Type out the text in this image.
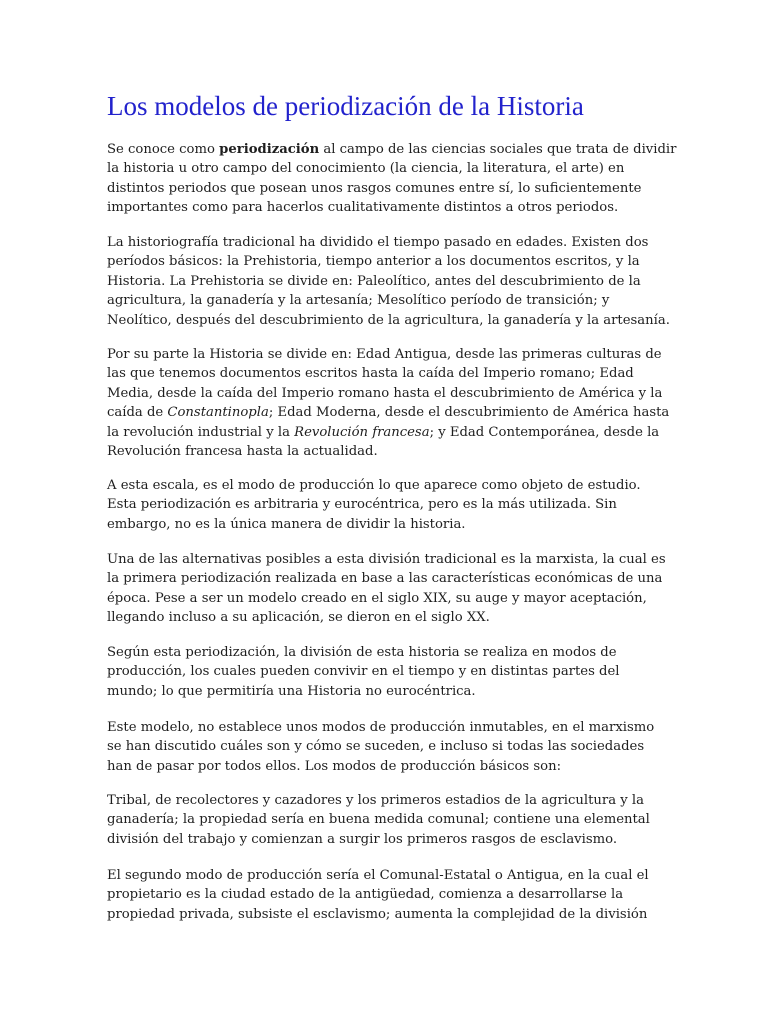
Los modelos de periodización de la Historia
Se conoce como periodización al campo de las ciencias sociales que trata de dividir
la historia u otro campo del conocimiento (la ciencia, la literatura, el arte) en
distintos periodos que posean unos rasgos comunes entre sí, lo suficientemente
importantes como para hacerlos cualitativamente distintos a otros periodos.
La historiografía tradicional ha dividido el tiempo pasado en edades. Existen dos
períodos básicos: la Prehistoria, tiempo anterior a los documentos escritos, y la
Historia. La Prehistoria se divide en: Paleolítico, antes del descubrimiento de la
agricultura, la ganadería y la artesanía; Mesolítico período de transición; y
Neolítico, después del descubrimiento de la agricultura, la ganadería y la artesanía.
Por su parte la Historia se divide en: Edad Antigua, desde las primeras culturas de
las que tenemos documentos escritos hasta la caída del Imperio romano; Edad
Media, desde la caída del Imperio romano hasta el descubrimiento de América y la
caída de Constantinopla; Edad Moderna, desde el descubrimiento de América hasta
la revolución industrial y la Revolución francesa; y Edad Contemporánea, desde la
Revolución francesa hasta la actualidad.
A esta escala, es el modo de producción lo que aparece como objeto de estudio.
Esta periodización es arbitraria y eurocéntrica, pero es la más utilizada. Sin
embargo, no es la única manera de dividir la historia.
Una de las alternativas posibles a esta división tradicional es la marxista, la cual es
la primera periodización realizada en base a las características económicas de una
época. Pese a ser un modelo creado en el siglo XIX, su auge y mayor aceptación,
llegando incluso a su aplicación, se dieron en el siglo XX.
Según esta periodización, la división de esta historia se realiza en modos de
producción, los cuales pueden convivir en el tiempo y en distintas partes del
mundo; lo que permitiría una Historia no eurocéntrica.
Este modelo, no establece unos modos de producción inmutables, en el marxismo
se han discutido cuáles son y cómo se suceden, e incluso si todas las sociedades
han de pasar por todos ellos. Los modos de producción básicos son:
Tribal, de recolectores y cazadores y los primeros estadios de la agricultura y la
ganadería; la propiedad sería en buena medida comunal; contiene una elemental
división del trabajo y comienzan a surgir los primeros rasgos de esclavismo.
El segundo modo de producción sería el Comunal-Estatal o Antigua, en la cual el
propietario es la ciudad estado de la antigüedad, comienza a desarrollarse la
propiedad privada, subsiste el esclavismo; aumenta la complejidad de la división
